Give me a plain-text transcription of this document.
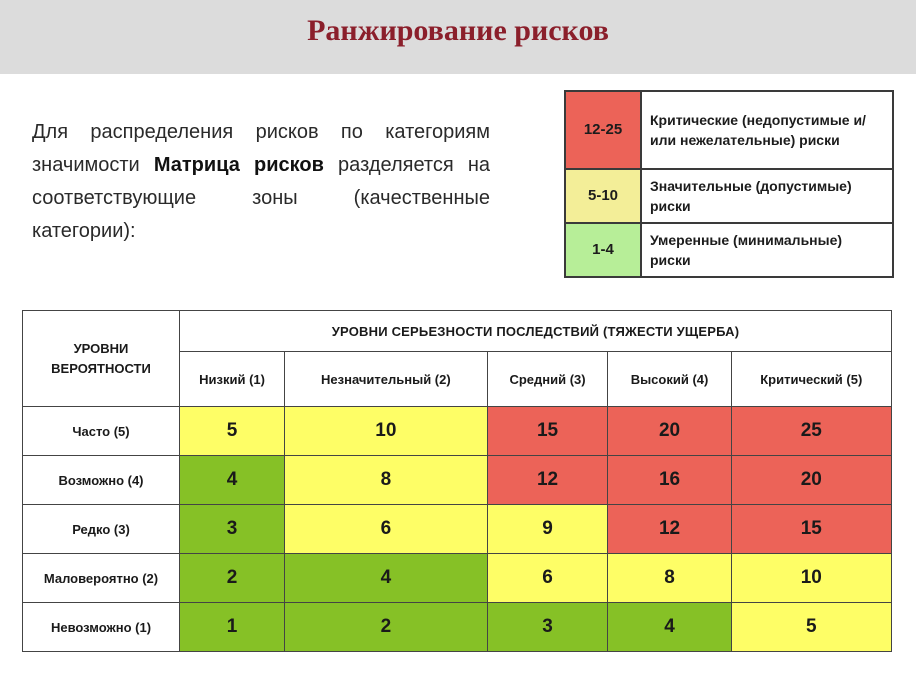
Ранжирование рисков
Для распределения рисков по категориям значимости Матрица рисков разделяется на соответствующие зоны (качественные категории):
12-25	Критические (недопустимые и/или нежелательные) риски
5-10	Значительные (допустимые) риски
1-4	Умеренные (минимальные) риски
УРОВНИ ВЕРОЯТНОСТИ	УРОВНИ СЕРЬЕЗНОСТИ ПОСЛЕДСТВИЙ (ТЯЖЕСТИ УЩЕРБА)				
	Низкий (1)	Незначительный (2)	Средний (3)	Высокий (4)	Критический (5)
Часто (5)	5	10	15	20	25
Возможно (4)	4	8	12	16	20
Редко (3)	3	6	9	12	15
Маловероятно (2)	2	4	6	8	10
Невозможно (1)	1	2	3	4	5
